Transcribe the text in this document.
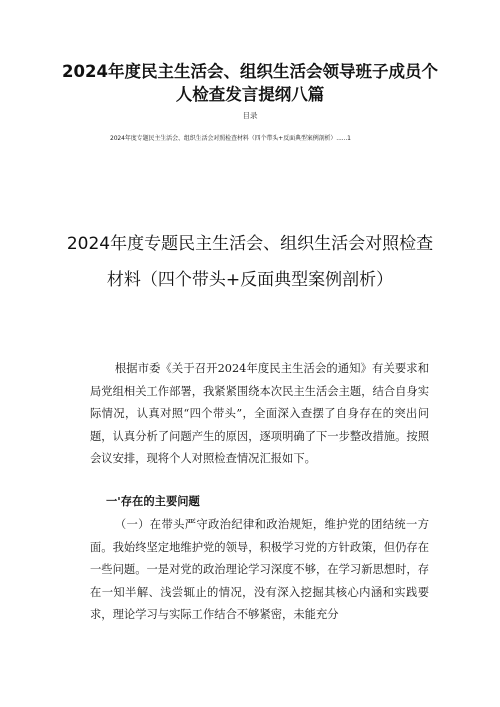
2024年度民主生活会、组织生活会领导班子成员个人检查发言提纲八篇
目录
2024年度专题民主生活会、组织生活会对照检查材料（四个带头+反面典型案例剖析）......1
2024年度专题民主生活会、组织生活会对照检查材料（四个带头+反面典型案例剖析）

根据市委《关于召开2024年度民主生活会的通知》有关要求和局党组相关工作部署，我紧紧围绕本次民主生活会主题，结合自身实际情况，认真对照“四个带头”，全面深入查摆了自身存在的突出问题，认真分析了问题产生的原因，逐项明确了下一步整改措施。按照会议安排，现将个人对照检查情况汇报如下。

一'存在的主要问题

（一）在带头严守政治纪律和政治规矩，维护党的团结统一方面。我始终坚定地维护党的领导，积极学习党的方针政策，但仍存在一些问题。一是对党的政治理论学习深度不够，在学习新思想时，存在一知半解、浅尝辄止的情况，没有深入挖掘其核心内涵和实践要求，理论学习与实际工作结合不够紧密，未能充分
